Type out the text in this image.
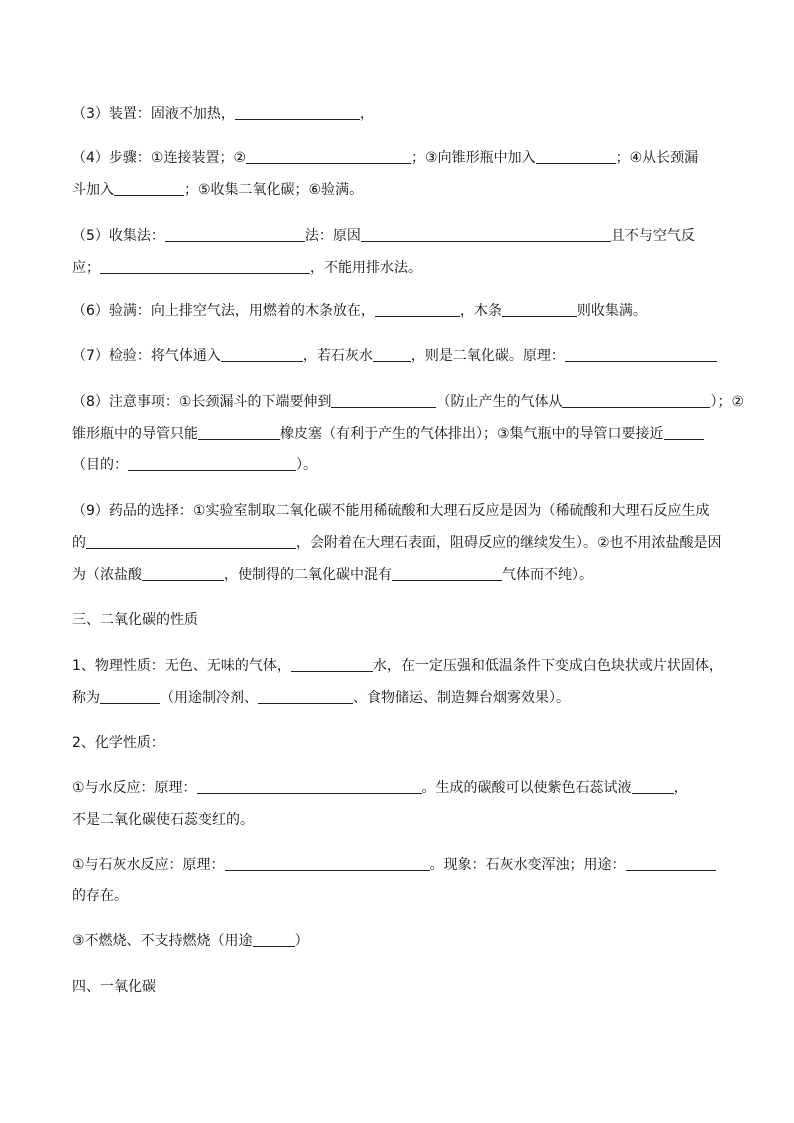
（3）装置：固液不加热，	，
（4）步骤：①连接装置；②	；③向锥形瓶中加入	；④从长颈漏
斗加入	；⑤收集二氧化碳；⑥验满。
（5）收集法：	法：原因	且不与空气反
应；	，不能用排水法。
（6）验满：向上排空气法，用燃着的木条放在，	，木条	则收集满。
（7）检验：将气体通入	，若石灰水	，则是二氧化碳。原理：
（8）注意事项：①长颈漏斗的下端要伸到	（防止产生的气体从	）；②
锥形瓶中的导管只能	橡皮塞（有利于产生的气体排出）；③集气瓶中的导管口要接近
（目的：	）。
（9）药品的选择：①实验室制取二氧化碳不能用稀硫酸和大理石反应是因为（稀硫酸和大理石反应生成
的	，会附着在大理石表面，阻碍反应的继续发生）。②也不用浓盐酸是因
为（浓盐酸	，使制得的二氧化碳中混有	气体而不纯）。
三、二氧化碳的性质
1、物理性质：无色、无味的气体，	水，在一定压强和低温条件下变成白色块状或片状固体，
称为	（用途制冷剂、	、食物储运、制造舞台烟雾效果）。
2、化学性质：
①与水反应：原理：	。生成的碳酸可以使紫色石蕊试液	，
不是二氧化碳使石蕊变红的。
①与石灰水反应：原理：	。现象：石灰水变浑浊；用途：
的存在。
③不燃烧、不支持燃烧（用途	）
四、一氧化碳
